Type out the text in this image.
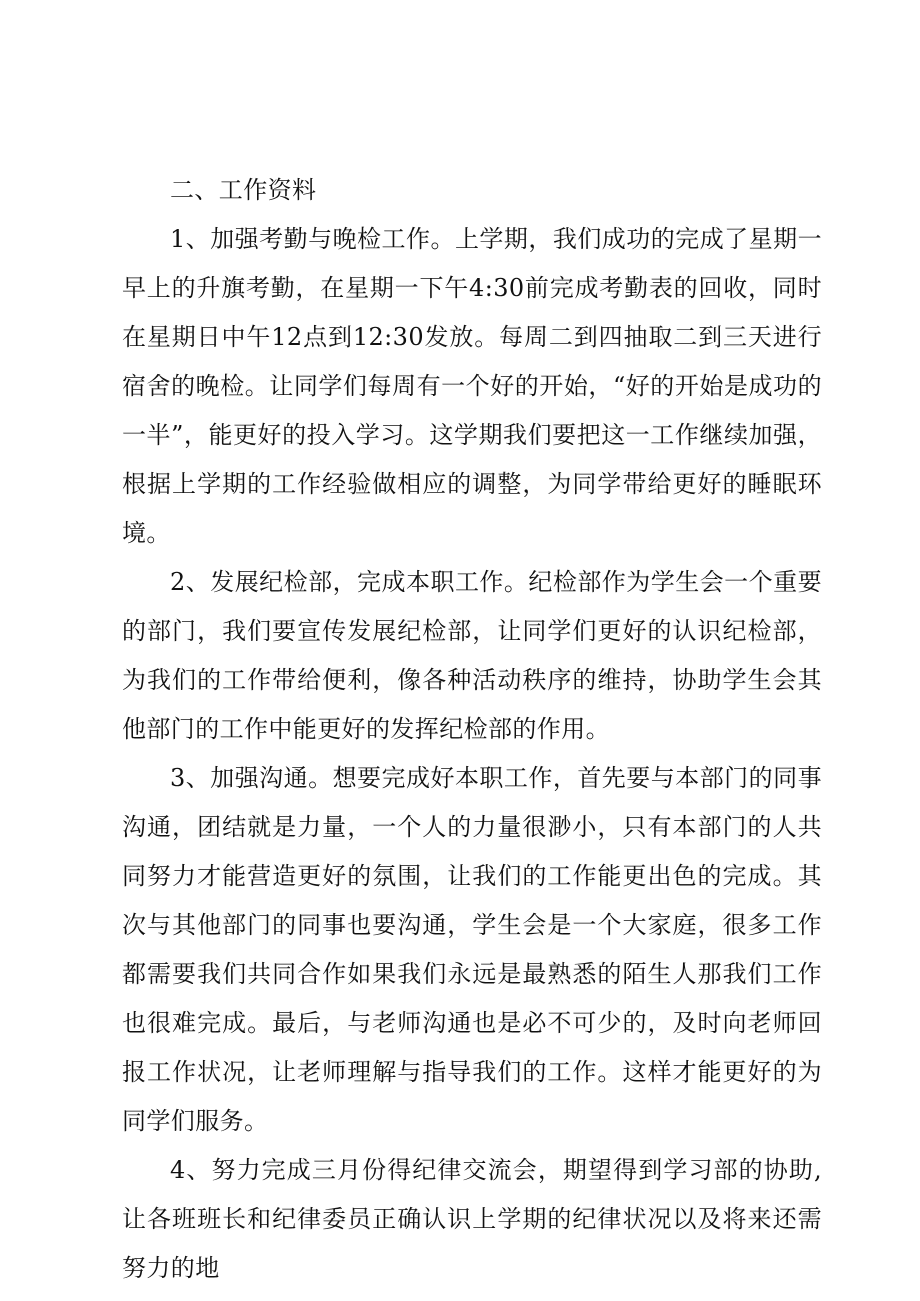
二、工作资料

1、加强考勤与晚检工作。上学期，我们成功的完成了星期一早上的升旗考勤，在星期一下午4:30前完成考勤表的回收，同时在星期日中午12点到12:30发放。每周二到四抽取二到三天进行宿舍的晚检。让同学们每周有一个好的开始，“好的开始是成功的一半”，能更好的投入学习。这学期我们要把这一工作继续加强，根据上学期的工作经验做相应的调整，为同学带给更好的睡眠环境。

2、发展纪检部，完成本职工作。纪检部作为学生会一个重要的部门，我们要宣传发展纪检部，让同学们更好的认识纪检部，为我们的工作带给便利，像各种活动秩序的维持，协助学生会其他部门的工作中能更好的发挥纪检部的作用。

3、加强沟通。想要完成好本职工作，首先要与本部门的同事沟通，团结就是力量，一个人的力量很渺小，只有本部门的人共同努力才能营造更好的氛围，让我们的工作能更出色的完成。其次与其他部门的同事也要沟通，学生会是一个大家庭，很多工作都需要我们共同合作如果我们永远是最熟悉的陌生人那我们工作也很难完成。最后，与老师沟通也是必不可少的，及时向老师回报工作状况，让老师理解与指导我们的工作。这样才能更好的为同学们服务。

4、努力完成三月份得纪律交流会，期望得到学习部的协助,让各班班长和纪律委员正确认识上学期的纪律状况以及将来还需努力的地
